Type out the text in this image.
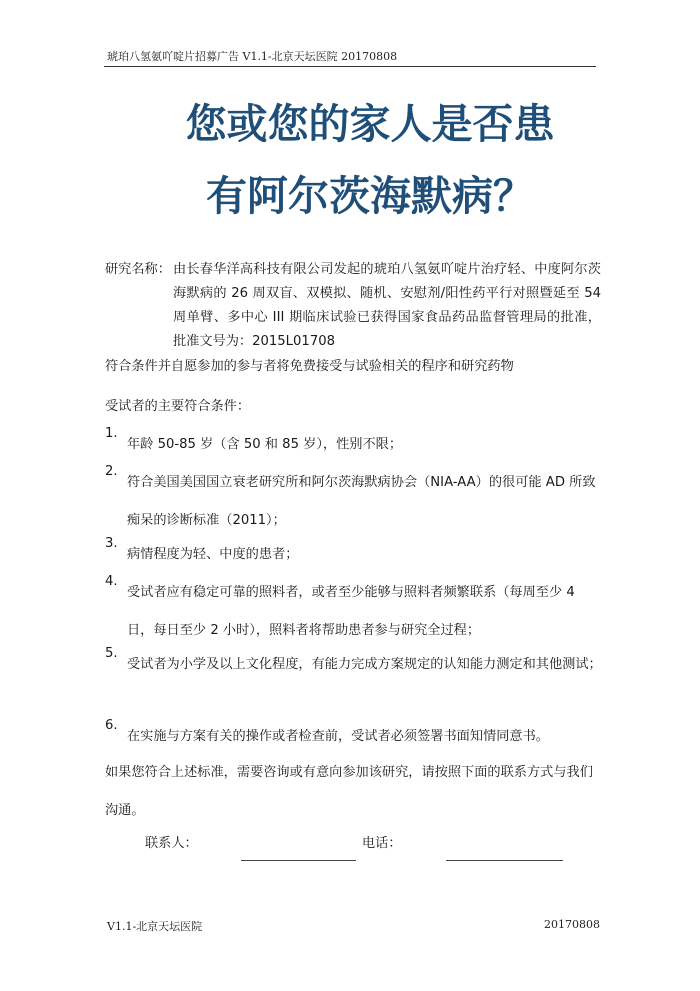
琥珀八氢氨吖啶片招募广告 V1.1-北京天坛医院 20170808
您或您的家人是否患
有阿尔茨海默病？
研究名称： 由长春华洋高科技有限公司发起的琥珀八氢氨吖啶片治疗轻、中度阿尔茨海默病的 26 周双盲、双模拟、随机、安慰剂/阳性药平行对照暨延至 54 周单臂、多中心 III 期临床试验已获得国家食品药品监督管理局的批准，批准文号为：2015L01708
符合条件并自愿参加的参与者将免费接受与试验相关的程序和研究药物
受试者的主要符合条件：
1.
年龄 50-85 岁（含 50 和 85 岁），性别不限；
2.
符合美国美国国立衰老研究所和阿尔茨海默病协会（NIA-AA）的很可能 AD 所致痴呆的诊断标准（2011）；
3.
病情程度为轻、中度的患者；
4.
受试者应有稳定可靠的照料者，或者至少能够与照料者频繁联系（每周至少 4 日，每日至少 2 小时），照料者将帮助患者参与研究全过程；
5.
受试者为小学及以上文化程度，有能力完成方案规定的认知能力测定和其他测试；
6.
在实施与方案有关的操作或者检查前，受试者必须签署书面知情同意书。
如果您符合上述标准，需要咨询或有意向参加该研究，请按照下面的联系方式与我们沟通。
联系人：	电话：
V1.1-北京天坛医院	20170808
